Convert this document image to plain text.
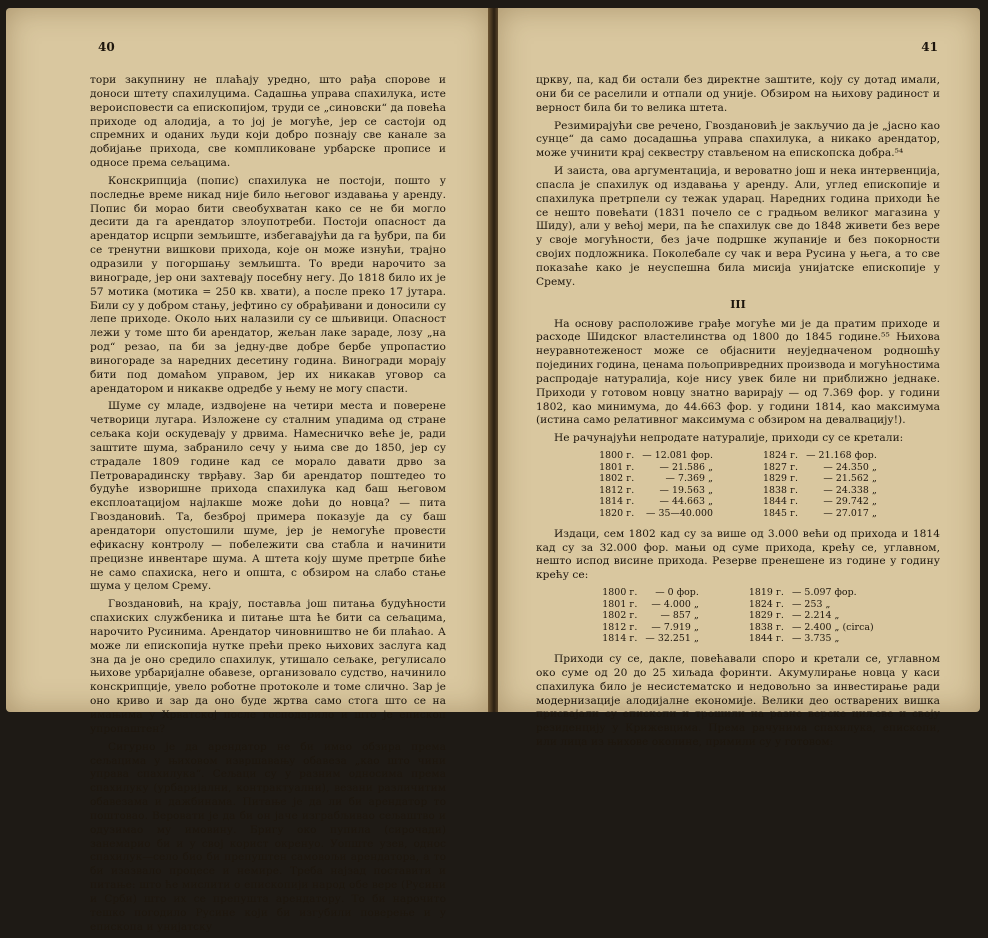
40

тори закупнину не плаћају уредно, што рађа спорове и доноси штету спахилуцима. Садашња управа спахилука, исте вероисповести са епископијом, труди се „синовски“ да повећа приходе од алодија, а то јој је могуће, јер се састоји од спремних и оданих људи који добро познају све канале за добијање прихода, све компликоване урбарске прописе и односе према сељацима.

Конскрипција (попис) спахилука не постоји, пошто у последње време никад није било његовог издавања у аренду. Попис би морао бити свеобухватан како се не би могло десити да га арендатор злоупотреби. Постоји опасност да арендатор исцрпи земљиште, избегавајући да га ђубри, па би се тренутни вишкови прихода, које он може изнући, трајно одразили у погоршању земљишта. То вреди нарочито за винограде, јер они захтевају посебну негу. До 1818 било их је 57 мотика (мотика = 250 кв. хвати), а после преко 17 јутара. Били су у добром стању, јефтино су обрађивани и доносили су лепе приходе. Около њих налазили су се шљивици. Опасност лежи у томе што би арендатор, жељан лаке зараде, лозу „на род“ резао, па би за једну-две добре бербе упропастио виногораде за наредних десетину година. Виногради морају бити под домаћом управом, јер их никакав уговор са арендатором и никакве одредбе у њему не могу спасти.

Шуме су младе, издвојене на четири места и поверене четворици лугара. Изложене су сталним упадима од стране сељака који оскудевају у дрвима. Намесничко веће је, ради заштите шума, забранило сечу у њима све до 1850, јер су страдале 1809 године кад се морало давати дрво за Петроварадинску тврђаву. Зар би арендатор поштедео то будуће изворишне прихода спахилука кад баш његовом експлоатацијом најлакше може доћи до новца? — пита Гвоздановић. Та, безброј примера показује да су баш арендатори опустошили шуме, јер је немогуће провести ефикасну контролу — побележити сва стабла и начинити прецизне инвентаре шума. А штета коју шуме претрпе биће не само спахиска, него и општа, с обзиром на слабо стање шума у целом Срему.

Гвоздановић, на крају, поставља још питања будућности спахиских службеника и питање шта ће бити са сељацима, нарочито Русинима. Арендатор чиновништво не би плаћао. А може ли епископија нутке прећи преко њихових заслуга кад зна да је оно средило спахилук, утишало сељаке, регулисало њихове урбаријалне обавезе, организовало судство, начинило конскрипције, увело роботне протоколе и томе слично. Зар је оно криво и зар да оно буде жртва само стога што се на имањима у Хрватској после господарило и што је епископ упропаштен?

Сигурно је да арендатор не би имао обзира према сељацима у њиховом извршавању обавеза „као што чини управа спахилука“. Сељаци су у разним односима према спахилуку (урбаријални, контрактуални), везани различитим обавезама и дажбинама. Питање је да ли би арендатор то поштовао. Веровати је да би он јаче изграбљивао сељаштво и одузимао му имовину. Бригу око пупила (сирочади) занемарио би и у свој корист окренуо. Уопште узев, однос спахилук—село био би препуштен самовољи арендатора, а то би изазвало процесе и немире. Треба најзад поставити и питање: што ће мислити о епископији народ обе вере (Русини и Срби) што их се препушта арендатору. То би нарочито тешко погодило Русине који би изгубили поверење и у епископа и унијатску

41

цркву, па, кад би остали без директне заштите, коју су дотад имали, они би се раселили и отпали од уније. Обзиром на њихову радиност и верност била би то велика штета.

Резимирајући све речено, Гвоздановић је закључио да је „јасно као сунце“ да само досадашња управа спахилука, а никако арендатор, може учинити крај секвестру стављеном на епископска добра.⁵⁴

И заиста, ова аргументација, и вероватно још и нека интервенција, спасла је спахилук од издавања у аренду. Али, углед епископије и спахилука претрпели су тежак ударац. Наредних година приходи ће се нешто повећати (1831 почело се с градњом великог магазина у Шиду), али у већој мери, па ће спахилук све до 1848 живети без вере у своје могућности, без јаче подршке жупаније и без покорности својих подложника. Поколебале су чак и вера Русина у њега, а то све показаће како је неуспешна била мисија унијатске епископије у Срему.

III

На основу расположиве грађе могуће ми је да пратим приходе и расходе Шидског властелинства од 1800 до 1845 године.⁵⁵ Њихова неуравнотеженост може се објаснити неуједначеном родношћу појединих година, ценама пољопривредних производа и могућностима распродаје натуралија, које нису увек биле ни приближно једнаке. Приходи у готовом новцу знатно варирају — од 7.369 фор. у години 1802, као минимума, до 44.663 фор. у години 1814, као максимума (истина само релативног максимума с обзиром на девалвацију!).

Не рачунајући непродате натуралије, приходи су се кретали:

1800 г.	— 12.081 фор.		1824 г.	— 21.168 фор.
1801 г.	— 21.586 „		1827 г.	— 24.350 „
1802 г.	— 7.369 „		1829 г.	— 21.562 „
1812 г.	— 19.563 „		1838 г.	— 24.338 „
1814 г.	— 44.663 „		1844 г.	— 29.742 „
1820 г.	— 35—40.000		1845 г.	— 27.017 „

Издаци, сем 1802 кад су за више од 3.000 већи од прихода и 1814 кад су за 32.000 фор. мањи од суме прихода, крећу се, углавном, нешто испод висине прихода. Резерве пренешене из године у годину крећу се:

1800 г.	— 0 фор.		1819 г.	— 5.097 фор.
1801 г.	— 4.000 „		1824 г.	— 253 „
1802 г.	— 857 „		1829 г.	— 2.214 „
1812 г.	— 7.919 „		1838 г.	— 2.400 „ (circa)
1814 г.	— 32.251 „		1844 г.	— 3.735 „

Приходи су се, дакле, повећавали споро и кретали се, углавном око суме од 20 до 25 хиљада форинти. Акумулирање новца у каси спахилука било је несистематско и недовољно за инвестирање ради модернизације алодијалне економије. Велики део остварених вишка присвајали су епископи и трошили на разне верске циљеве и своју резиденцију у Крижевцима. Према рачунима спахилука, епископи, или лица из њихове околине, примили су у готовом:
